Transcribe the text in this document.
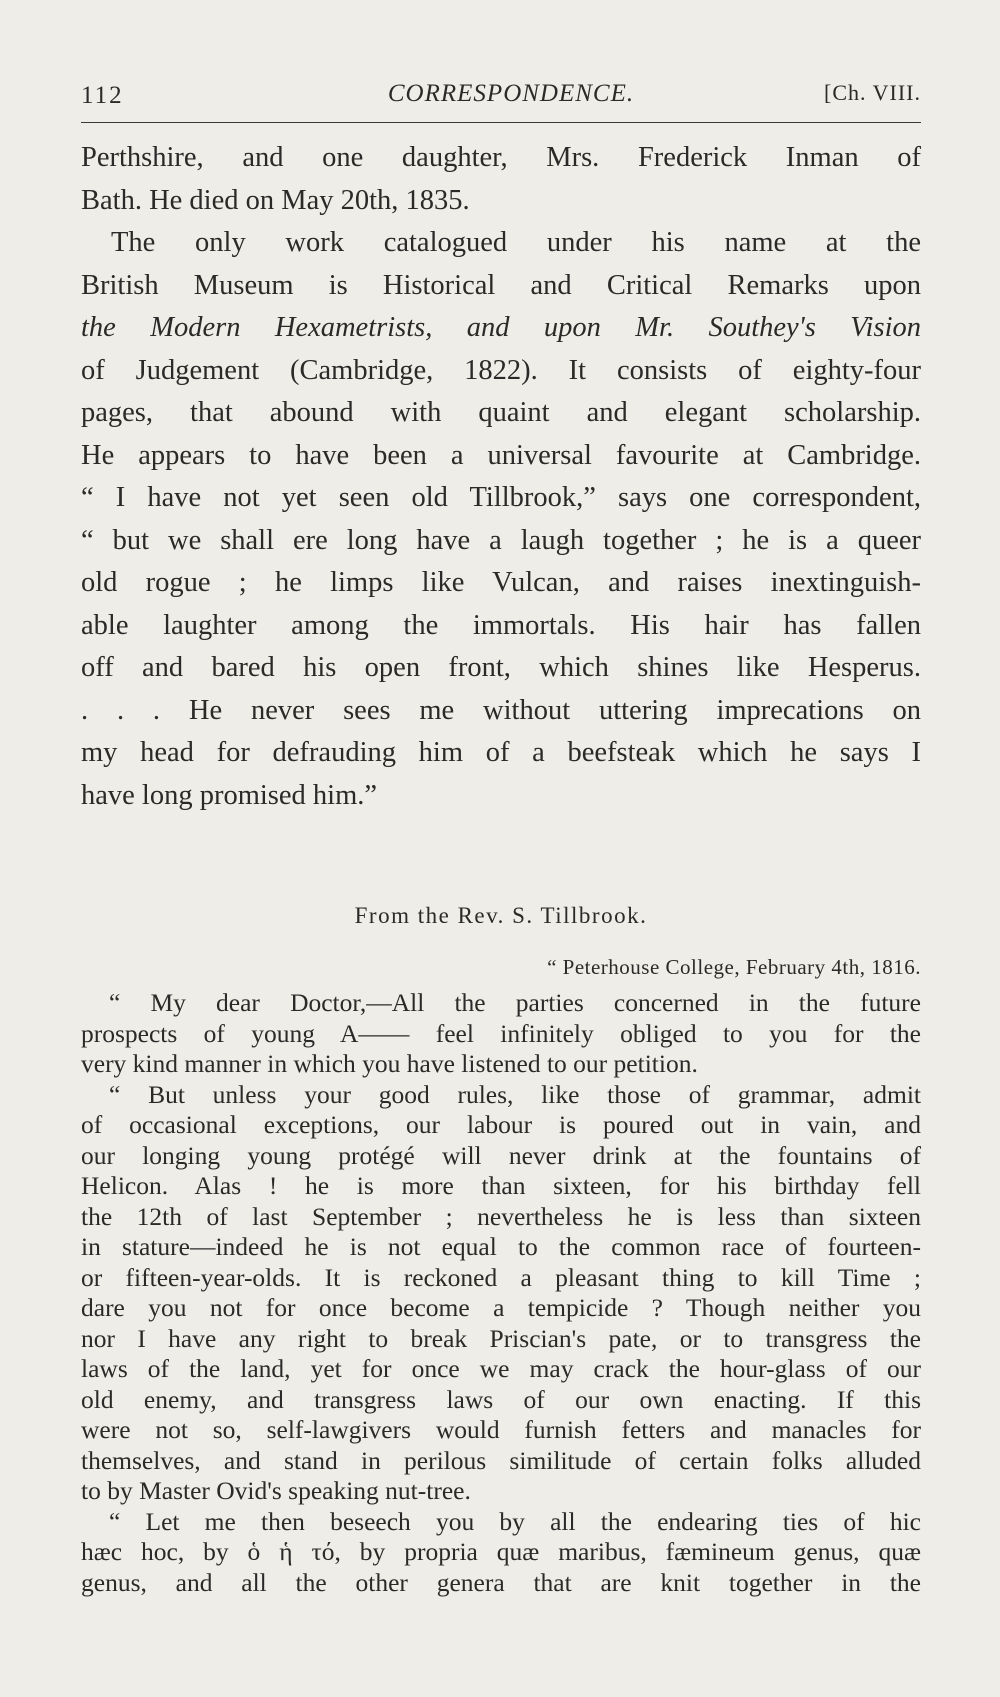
112	CORRESPONDENCE.	[Ch. VIII.
Perthshire, and one daughter, Mrs. Frederick Inman of
Bath. He died on May 20th, 1835.
The only work catalogued under his name at the
British Museum is Historical and Critical Remarks upon
the Modern Hexametrists, and upon Mr. Southey's Vision
of Judgement (Cambridge, 1822). It consists of eighty-four
pages, that abound with quaint and elegant scholarship.
He appears to have been a universal favourite at Cambridge.
“ I have not yet seen old Tillbrook,” says one correspondent,
“ but we shall ere long have a laugh together ; he is a queer
old rogue ; he limps like Vulcan, and raises inextinguish-
able laughter among the immortals. His hair has fallen
off and bared his open front, which shines like Hesperus.
. . . He never sees me without uttering imprecations on
my head for defrauding him of a beefsteak which he says I
have long promised him.”
From the Rev. S. Tillbrook.
“ Peterhouse College, February 4th, 1816.
“ My dear Doctor,—All the parties concerned in the future
prospects of young A—— feel infinitely obliged to you for the
very kind manner in which you have listened to our petition.
“ But unless your good rules, like those of grammar, admit
of occasional exceptions, our labour is poured out in vain, and
our longing young protégé will never drink at the fountains of
Helicon. Alas ! he is more than sixteen, for his birthday fell
the 12th of last September ; nevertheless he is less than sixteen
in stature—indeed he is not equal to the common race of fourteen-
or fifteen-year-olds. It is reckoned a pleasant thing to kill Time ;
dare you not for once become a tempicide ? Though neither you
nor I have any right to break Priscian's pate, or to transgress the
laws of the land, yet for once we may crack the hour-glass of our
old enemy, and transgress laws of our own enacting. If this
were not so, self-lawgivers would furnish fetters and manacles for
themselves, and stand in perilous similitude of certain folks alluded
to by Master Ovid's speaking nut-tree.
“ Let me then beseech you by all the endearing ties of hic
hæc hoc, by ὁ ἡ τό, by propria quæ maribus, fæmineum genus, quæ
genus, and all the other genera that are knit together in the
